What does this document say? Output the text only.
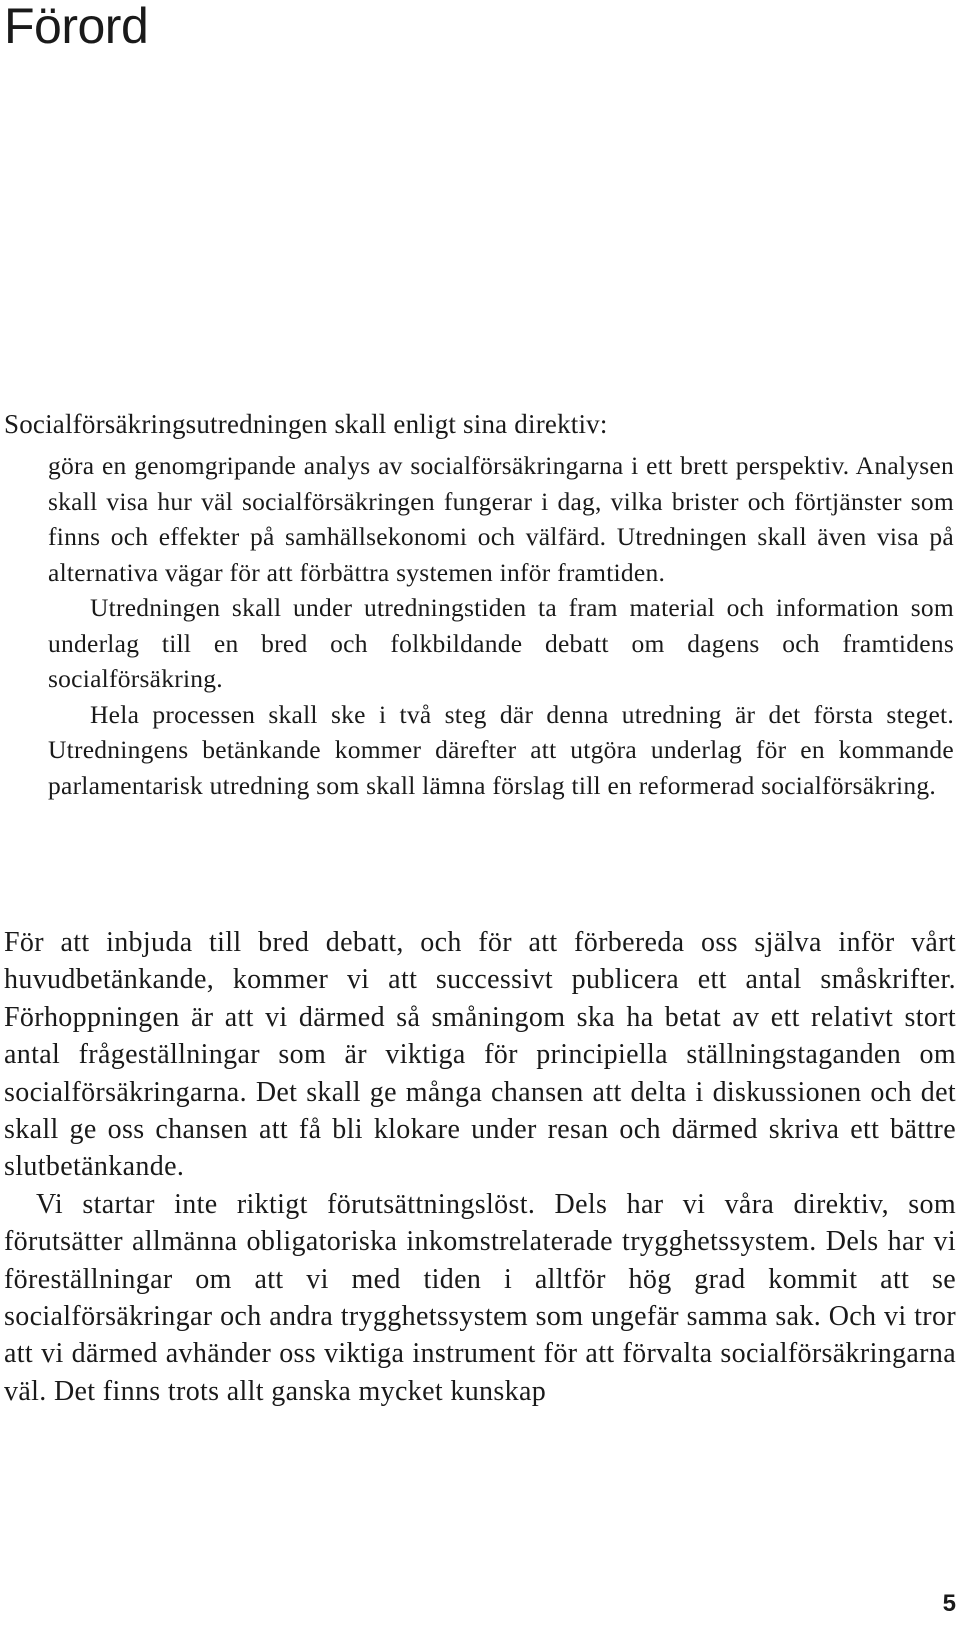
Förord

Socialförsäkringsutredningen skall enligt sina direktiv:

göra en genomgripande analys av socialförsäkringarna i ett brett perspektiv. Analysen skall visa hur väl socialförsäkringen fungerar i dag, vilka brister och förtjänster som finns och effekter på samhällsekonomi och välfärd. Utredningen skall även visa på alternativa vägar för att förbättra systemen inför framtiden.

Utredningen skall under utredningstiden ta fram material och information som underlag till en bred och folkbildande debatt om dagens och framtidens socialförsäkring.

Hela processen skall ske i två steg där denna utredning är det första steget. Utredningens betänkande kommer därefter att utgöra underlag för en kommande parlamentarisk utredning som skall lämna förslag till en reformerad socialförsäkring.

För att inbjuda till bred debatt, och för att förbereda oss själva inför vårt huvudbetänkande, kommer vi att successivt publicera ett antal småskrifter. Förhoppningen är att vi därmed så småningom ska ha betat av ett relativt stort antal frågeställningar som är viktiga för principiella ställningstaganden om socialförsäkringarna. Det skall ge många chansen att delta i diskussionen och det skall ge oss chansen att få bli klokare under resan och därmed skriva ett bättre slutbetänkande.

Vi startar inte riktigt förutsättningslöst. Dels har vi våra direktiv, som förutsätter allmänna obligatoriska inkomstrelaterade trygghetssystem. Dels har vi föreställningar om att vi med tiden i alltför hög grad kommit att se socialförsäkringar och andra trygghetssystem som ungefär samma sak. Och vi tror att vi därmed avhänder oss viktiga instrument för att förvalta socialförsäkringarna väl. Det finns trots allt ganska mycket kunskap

5
